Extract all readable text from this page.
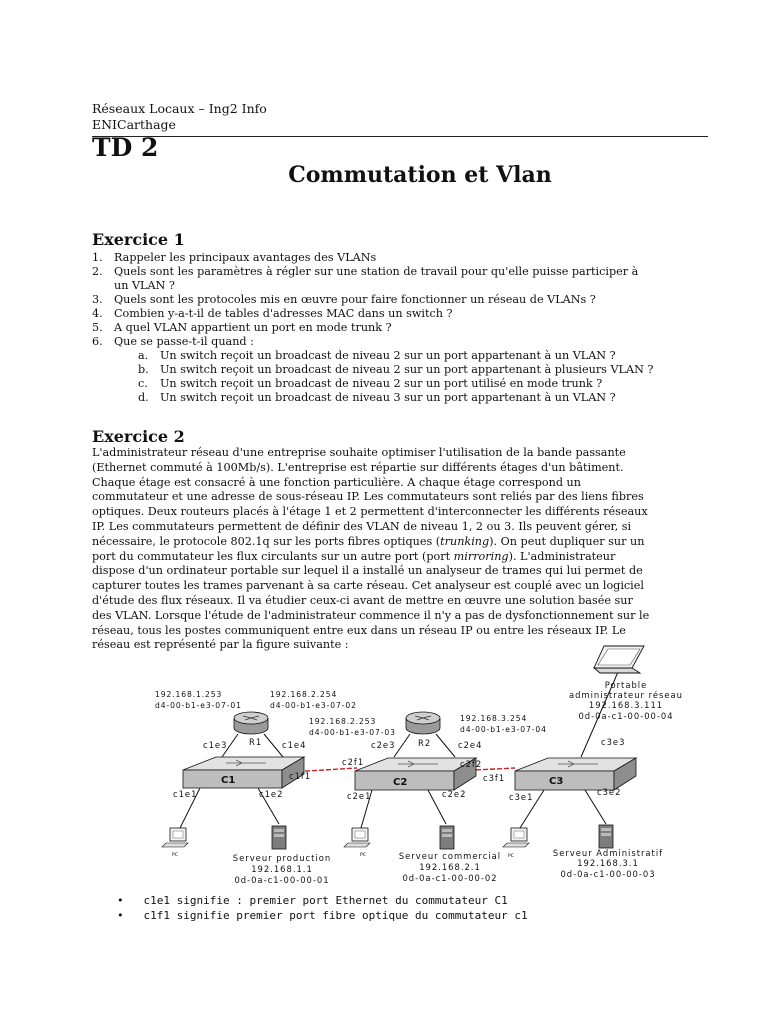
Réseaux Locaux – Ing2 Info
ENICarthage
TD 2
Commutation et Vlan
Exercice 1
1. Rappeler les principaux avantages des VLANs
2. Quels sont les paramètres à régler sur une station de travail pour qu'elle puisse participer à
un VLAN ?
3. Quels sont les protocoles mis en œuvre pour faire fonctionner un réseau de VLANs ?
4. Combien y-a-t-il de tables d'adresses MAC dans un switch ?
5. A quel VLAN appartient un port en mode trunk ?
6. Que se passe-t-il quand :
a. Un switch reçoit un broadcast de niveau 2 sur un port appartenant à un VLAN ?
b. Un switch reçoit un broadcast de niveau 2 sur un port appartenant à plusieurs VLAN ?
c. Un switch reçoit un broadcast de niveau 2 sur un port utilisé en mode trunk ?
d. Un switch reçoit un broadcast de niveau 3 sur un port appartenant à un VLAN ?
Exercice 2
L'administrateur réseau d'une entreprise souhaite optimiser l'utilisation de la bande passante
(Ethernet commuté à 100Mb/s). L'entreprise est répartie sur différents étages d'un bâtiment.
Chaque étage est consacré à une fonction particulière. A chaque étage correspond un
commutateur et une adresse de sous-réseau IP. Les commutateurs sont reliés par des liens fibres
optiques. Deux routeurs placés à l'étage 1 et 2 permettent d'interconnecter les différents réseaux
IP. Les commutateurs permettent de définir des VLAN de niveau 1, 2 ou 3. Ils peuvent gérer, si
nécessaire, le protocole 802.1q sur les ports fibres optiques (trunking). On peut dupliquer sur un
port du commutateur les flux circulants sur un autre port (port mirroring). L'administrateur
dispose d'un ordinateur portable sur lequel il a installé un analyseur de trames qui lui permet de
capturer toutes les trames parvenant à sa carte réseau. Cet analyseur est couplé avec un logiciel
d'étude des flux réseaux. Il va étudier ceux-ci avant de mettre en œuvre une solution basée sur
des VLAN. Lorsque l'étude de l'administrateur commence il n'y a pas de dysfonctionnement sur le
réseau, tous les postes communiquent entre eux dans un réseau IP ou entre les réseaux IP. Le
réseau est représenté par la figure suivante :
C1	C2	C3
R1	R2
PC	PC	PC
192.168.1.253
d4-00-b1-e3-07-01
192.168.2.254
d4-00-b1-e3-07-02
192.168.2.253
d4-00-b1-e3-07-03
192.168.3.254
d4-00-b1-e3-07-04
Portable
administrateur réseau
192.168.3.111
0d-0a-c1-00-00-04
c1e3	c1e4
c1f1
c1e1	c1e2
c2f1
c2e3	c2e4
c2f2
c2e1	c2e2
c3f1
c3e3
c3e1	c3e2
Serveur production
192.168.1.1
0d-0a-c1-00-00-01
Serveur commercial
192.168.2.1
0d-0a-c1-00-00-02
Serveur Administratif
192.168.3.1
0d-0a-c1-00-00-03
• c1e1 signifie : premier port Ethernet du commutateur C1
• c1f1 signifie premier port fibre optique du commutateur c1
